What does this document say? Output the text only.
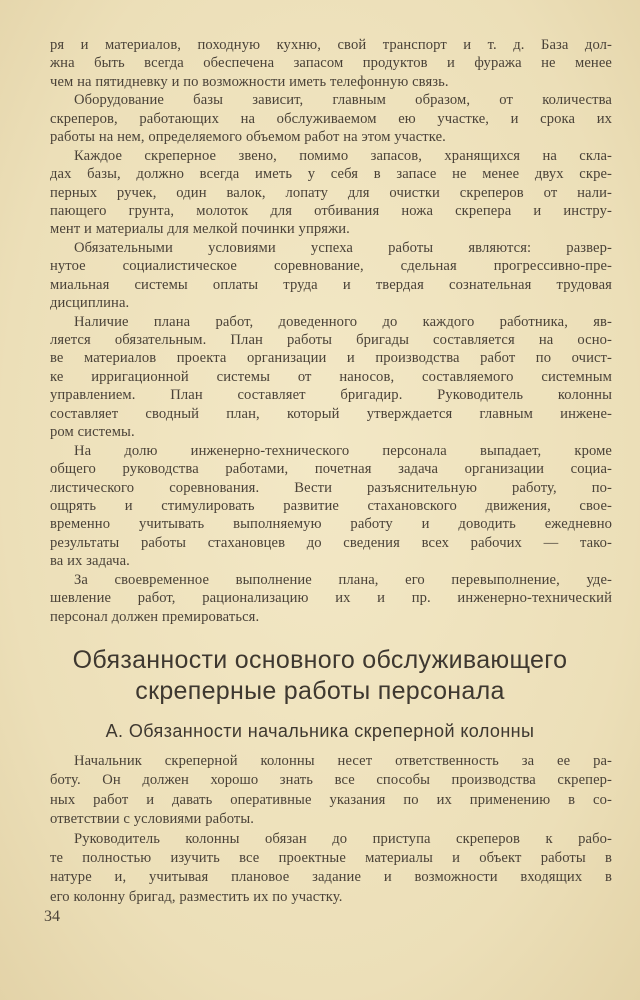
ря и материалов, походную кухню, свой транспорт и т. д. База дол-
жна быть всегда обеспечена запасом продуктов и фуража не менее
чем на пятидневку и по возможности иметь телефонную связь.
Оборудование базы зависит, главным образом, от количества
скреперов, работающих на обслуживаемом ею участке, и срока их
работы на нем, определяемого объемом работ на этом участке.
Каждое скреперное звено, помимо запасов, хранящихся на скла-
дах базы, должно всегда иметь у себя в запасе не менее двух скре-
перных ручек, один валок, лопату для очистки скреперов от нали-
пающего грунта, молоток для отбивания ножа скрепера и инстру-
мент и материалы для мелкой починки упряжи.
Обязательными условиями успеха работы являются: развер-
нутое социалистическое соревнование, сдельная прогрессивно-пре-
миальная системы оплаты труда и твердая сознательная трудовая
дисциплина.
Наличие плана работ, доведенного до каждого работника, яв-
ляется обязательным. План работы бригады составляется на осно-
ве материалов проекта организации и производства работ по очист-
ке ирригационной системы от наносов, составляемого системным
управлением. План составляет бригадир. Руководитель колонны
составляет сводный план, который утверждается главным инжене-
ром системы.
На долю инженерно-технического персонала выпадает, кроме
общего руководства работами, почетная задача организации социа-
листического соревнования. Вести разъяснительную работу, по-
ощрять и стимулировать развитие стахановского движения, свое-
временно учитывать выполняемую работу и доводить ежедневно
результаты работы стахановцев до сведения всех рабочих — тако-
ва их задача.
За своевременное выполнение плана, его перевыполнение, уде-
шевление работ, рационализацию их и пр. инженерно-технический
персонал должен премироваться.
Обязанности основного обслуживающего
скреперные работы персонала
А. Обязанности начальника скреперной колонны
Начальник скреперной колонны несет ответственность за ее ра-
боту. Он должен хорошо знать все способы производства скрепер-
ных работ и давать оперативные указания по их применению в со-
ответствии с условиями работы.
Руководитель колонны обязан до приступа скреперов к рабо-
те полностью изучить все проектные материалы и объект работы в
натуре и, учитывая плановое задание и возможности входящих в
его колонну бригад, разместить их по участку.
34
